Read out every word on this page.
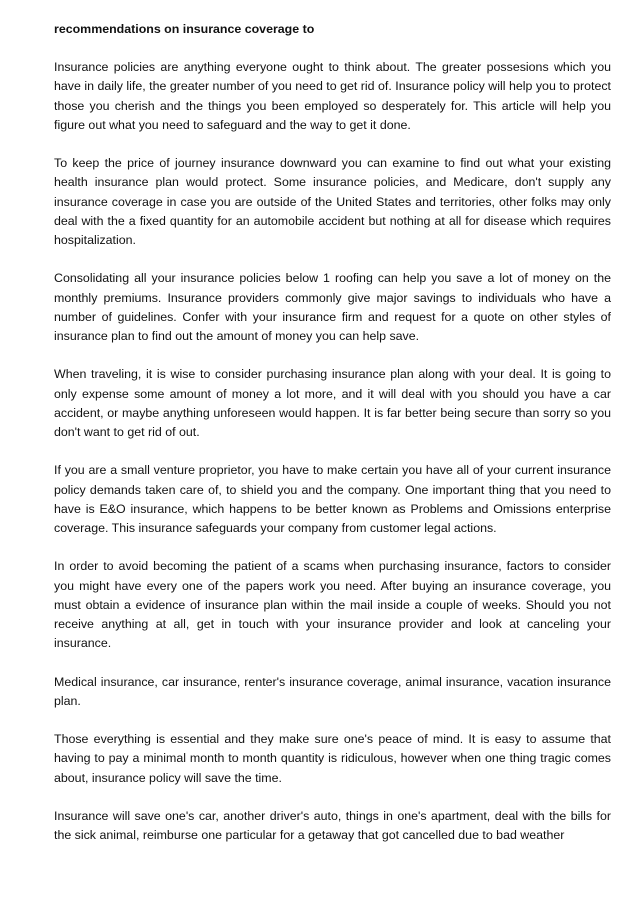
recommendations on insurance coverage to

Insurance policies are anything everyone ought to think about. The greater possesions which you have in daily life, the greater number of you need to get rid of. Insurance policy will help you to protect those you cherish and the things you been employed so desperately for. This article will help you figure out what you need to safeguard and the way to get it done.

To keep the price of journey insurance downward you can examine to find out what your existing health insurance plan would protect. Some insurance policies, and Medicare, don't supply any insurance coverage in case you are outside of the United States and territories, other folks may only deal with the a fixed quantity for an automobile accident but nothing at all for disease which requires hospitalization.

Consolidating all your insurance policies below 1 roofing can help you save a lot of money on the monthly premiums. Insurance providers commonly give major savings to individuals who have a number of guidelines. Confer with your insurance firm and request for a quote on other styles of insurance plan to find out the amount of money you can help save.

When traveling, it is wise to consider purchasing insurance plan along with your deal. It is going to only expense some amount of money a lot more, and it will deal with you should you have a car accident, or maybe anything unforeseen would happen. It is far better being secure than sorry so you don't want to get rid of out.

If you are a small venture proprietor, you have to make certain you have all of your current insurance policy demands taken care of, to shield you and the company. One important thing that you need to have is E&O insurance, which happens to be better known as Problems and Omissions enterprise coverage. This insurance safeguards your company from customer legal actions.

In order to avoid becoming the patient of a scams when purchasing insurance, factors to consider you might have every one of the papers work you need. After buying an insurance coverage, you must obtain a evidence of insurance plan within the mail inside a couple of weeks. Should you not receive anything at all, get in touch with your insurance provider and look at canceling your insurance.

Medical insurance, car insurance, renter's insurance coverage, animal insurance, vacation insurance plan.

Those everything is essential and they make sure one's peace of mind. It is easy to assume that having to pay a minimal month to month quantity is ridiculous, however when one thing tragic comes about, insurance policy will save the time.

Insurance will save one's car, another driver's auto, things in one's apartment, deal with the bills for the sick animal, reimburse one particular for a getaway that got cancelled due to bad weather
